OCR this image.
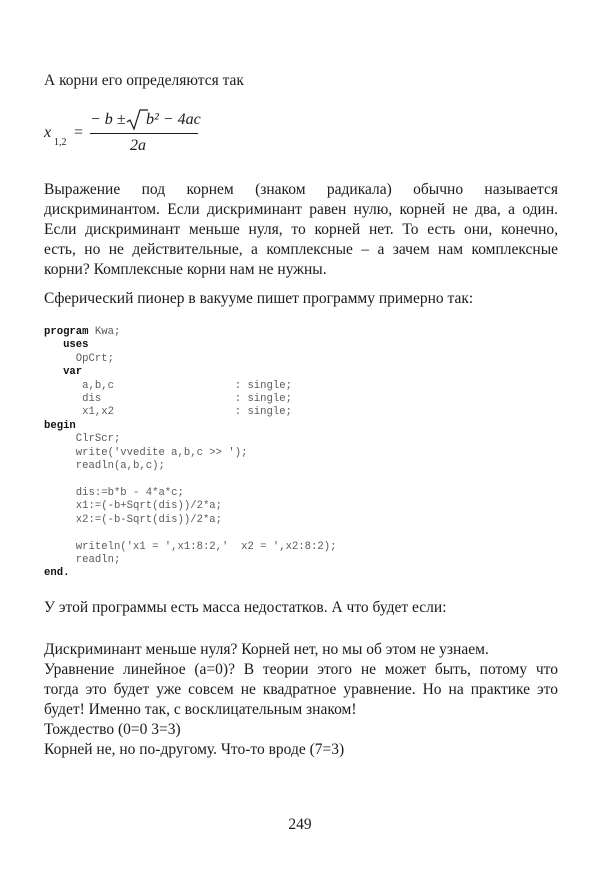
А корни его определяются так
x
1,2
=
− b ± b² − 4ac
2a
Выражение под корнем (знаком радикала) обычно называется
дискриминантом. Если дискриминант равен нулю, корней не два, а один.
Если дискриминант меньше нуля, то корней нет. То есть они, конечно,
есть, но не действительные, а комплексные – а зачем нам комплексные
корни? Комплексные корни нам не нужны.
Сферический пионер в вакууме пишет программу примерно так:
program Kwa;
uses
OpCrt;
var
a,b,c                   : single;
dis                     : single;
x1,x2                   : single;
begin
ClrScr;
write('vvedite a,b,c >> ');
readln(a,b,c);

dis:=b*b - 4*a*c;
x1:=(-b+Sqrt(dis))/2*a;
x2:=(-b-Sqrt(dis))/2*a;

writeln('x1 = ',x1:8:2,'  x2 = ',x2:8:2);
readln;
end.
У этой программы есть масса недостатков. А что будет если:
Дискриминант меньше нуля? Корней нет, но мы об этом не узнаем.
Уравнение линейное (a=0)? В теории этого не может быть, потому что
тогда это будет уже совсем не квадратное уравнение. Но на практике это
будет! Именно так, с восклицательным знаком!
Тождество (0=0 3=3)
Корней не, но по-другому. Что-то вроде (7=3)
249
